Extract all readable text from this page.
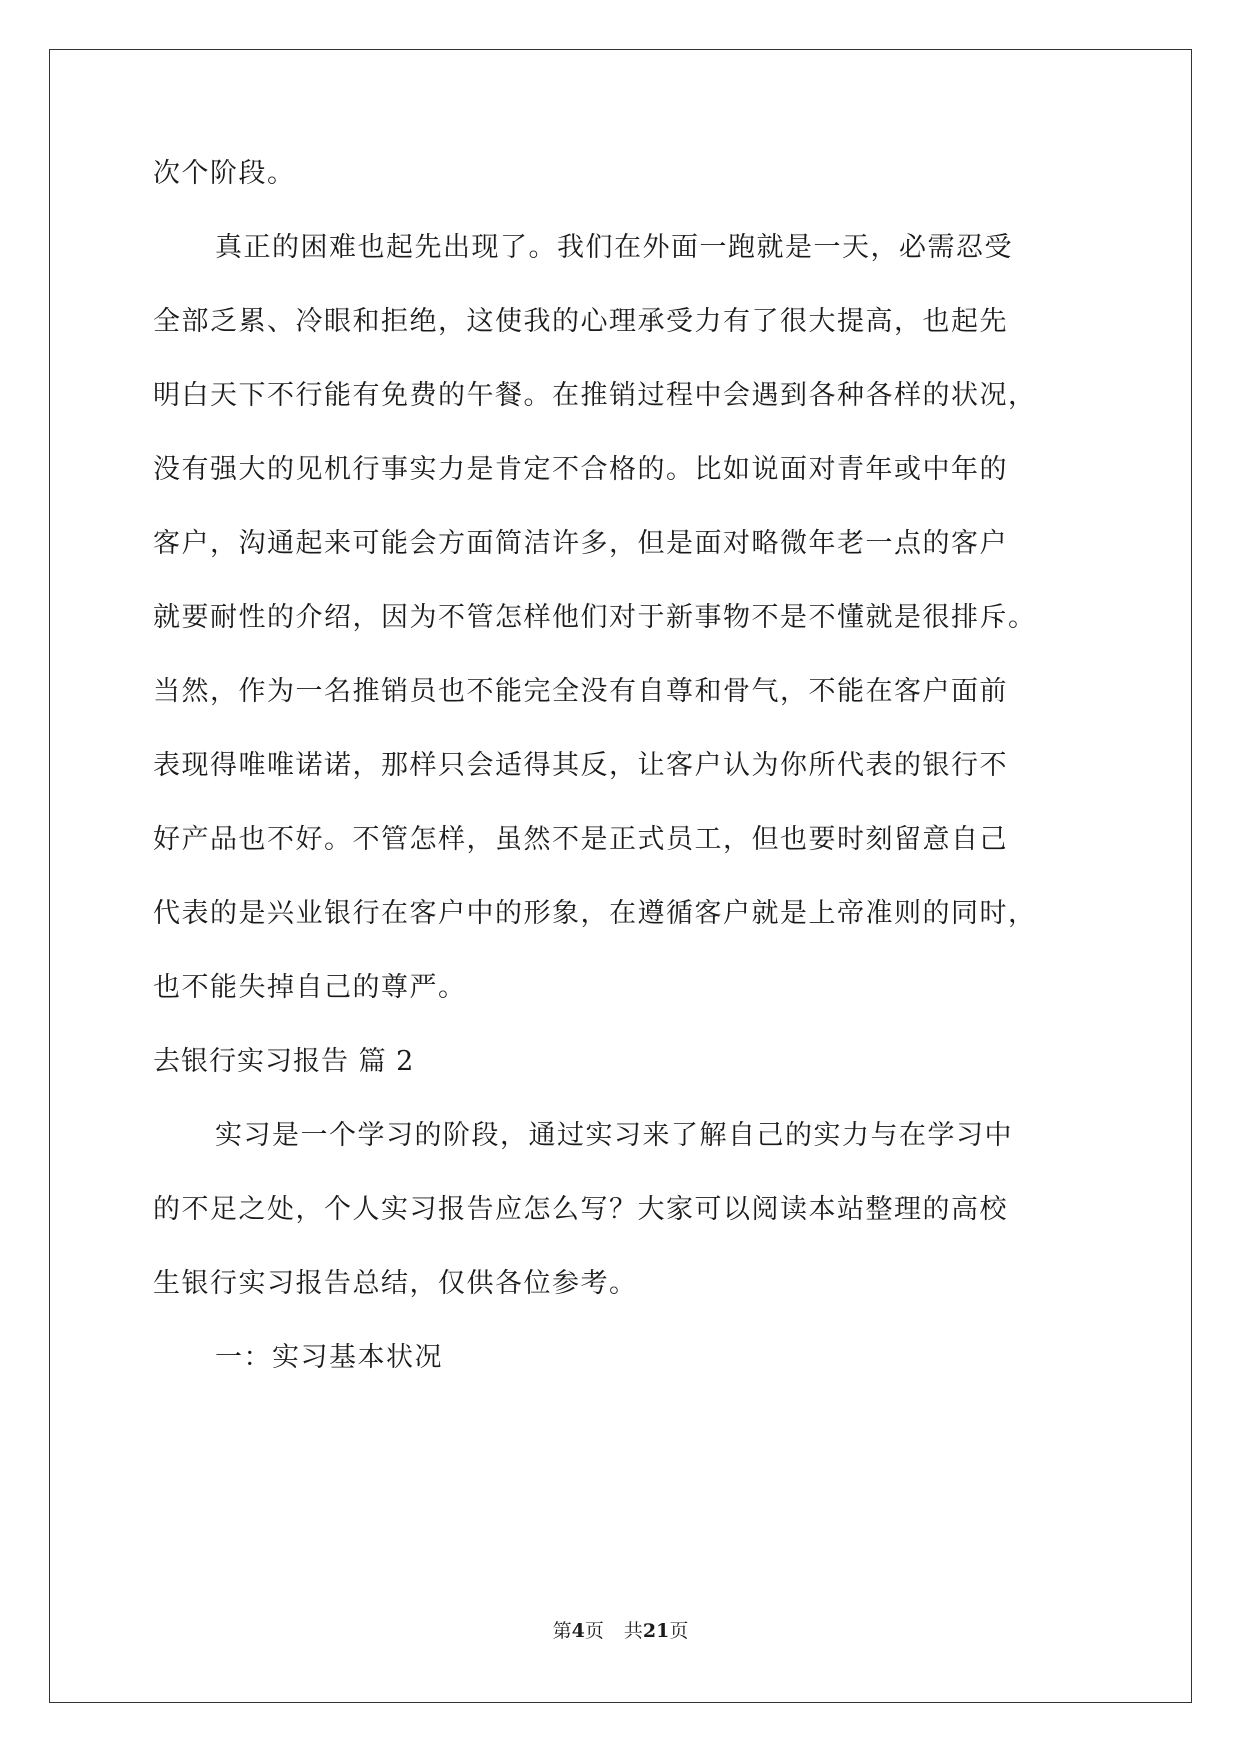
次个阶段。
真正的困难也起先出现了。我们在外面一跑就是一天，必需忍受
全部乏累、冷眼和拒绝，这使我的心理承受力有了很大提高，也起先
明白天下不行能有免费的午餐。在推销过程中会遇到各种各样的状况，
没有强大的见机行事实力是肯定不合格的。比如说面对青年或中年的
客户，沟通起来可能会方面简洁许多，但是面对略微年老一点的客户
就要耐性的介绍，因为不管怎样他们对于新事物不是不懂就是很排斥。
当然，作为一名推销员也不能完全没有自尊和骨气，不能在客户面前
表现得唯唯诺诺，那样只会适得其反，让客户认为你所代表的银行不
好产品也不好。不管怎样，虽然不是正式员工，但也要时刻留意自己
代表的是兴业银行在客户中的形象，在遵循客户就是上帝准则的同时，
也不能失掉自己的尊严。
去银行实习报告 篇 2
实习是一个学习的阶段，通过实习来了解自己的实力与在学习中
的不足之处，个人实习报告应怎么写？大家可以阅读本站整理的高校
生银行实习报告总结，仅供各位参考。
一：实习基本状况
第4页 共21页
